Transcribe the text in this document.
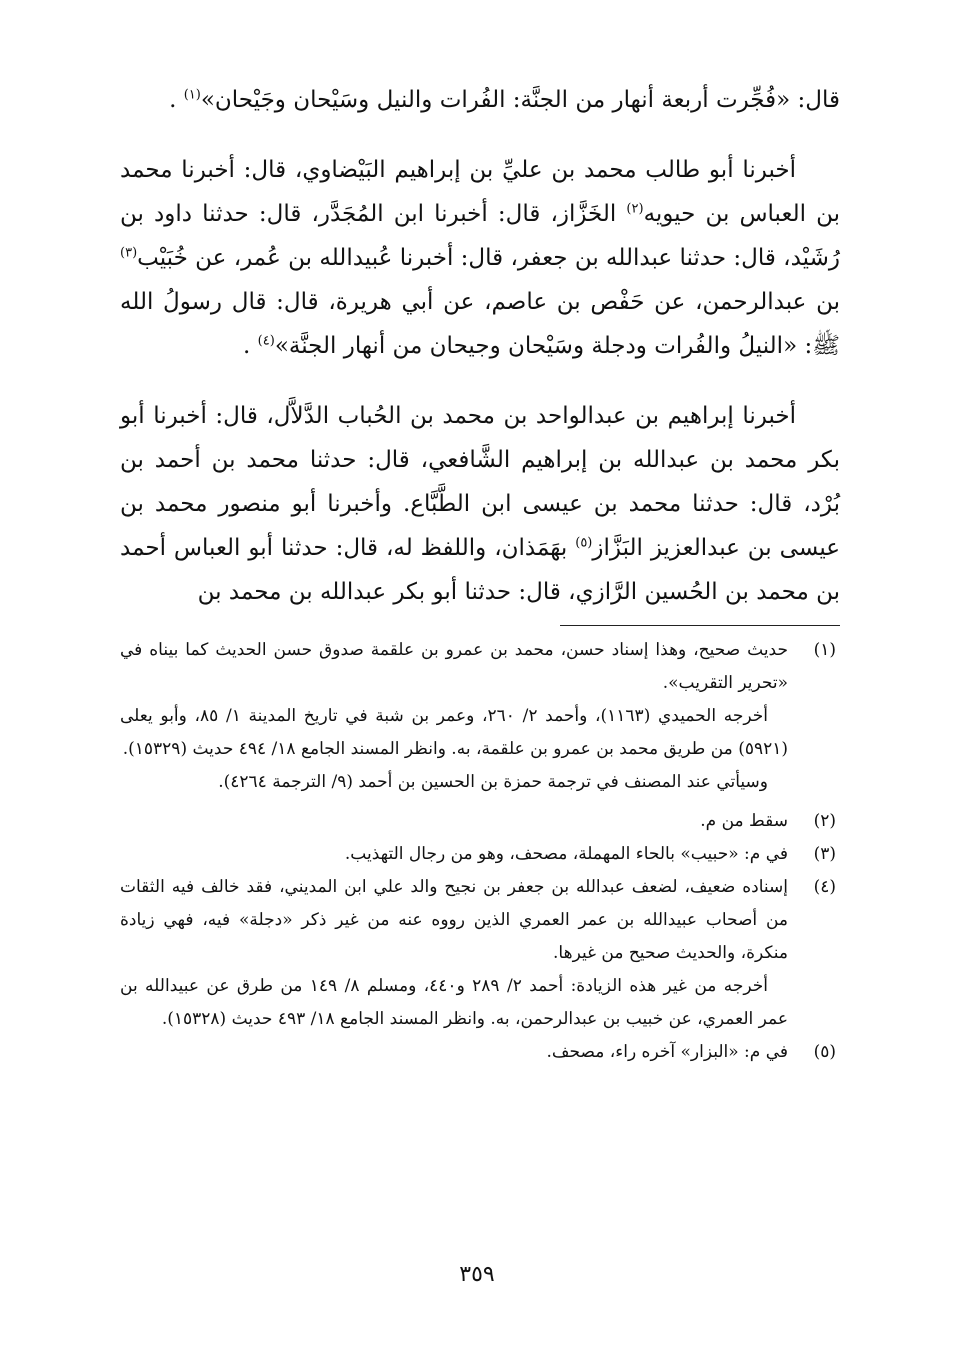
قال: «فُجِّرت أربعة أنهار من الجنَّة: الفُرات والنيل وسَيْحان وجَيْحان»$^{(١)}$ .

أخبرنا أبو طالب محمد بن عليِّ بن إبراهيم البَيْضاوي، قال: أخبرنا محمد بن العباس بن حيويه$^{(٢)}$ الخَزَّاز، قال: أخبرنا ابن المُجَدَّر، قال: حدثنا داود بن رُشَيْد، قال: حدثنا عبدالله بن جعفر، قال: أخبرنا عُبيدالله بن عُمر، عن خُبَيْب$^{(٣)}$ بن عبدالرحمن، عن حَفْص بن عاصم، عن أبي هريرة، قال: قال رسولُ الله ﷺ: «النيلُ والفُرات ودجلة وسَيْحان وجيحان من أنهار الجنَّة»$^{(٤)}$ .

أخبرنا إبراهيم بن عبدالواحد بن محمد بن الحُباب الدَّلاَّل، قال: أخبرنا أبو بكر محمد بن عبدالله بن إبراهيم الشَّافعي، قال: حدثنا محمد بن أحمد بن بُرْد، قال: حدثنا محمد بن عيسى ابن الطَّبَّاع. وأخبرنا أبو منصور محمد بن عيسى بن عبدالعزيز البَزَّاز$^{(٥)}$ بهَمَذان، واللفظ له، قال: حدثنا أبو العباس أحمد بن محمد بن الحُسين الرَّازي، قال: حدثنا أبو بكر عبدالله بن محمد بن

(١)

حديث صحيح، وهذا إسناد حسن، محمد بن عمرو بن علقمة صدوق حسن الحديث كما بيناه في «تحرير التقريب».

أخرجه الحميدي (١١٦٣)، وأحمد ٢/ ٢٦٠، وعمر بن شبة في تاريخ المدينة ١/ ٨٥، وأبو يعلى (٥٩٢١) من طريق محمد بن عمرو بن علقمة، به. وانظر المسند الجامع ١٨/ ٤٩٤ حديث (١٥٣٢٩).

وسيأتي عند المصنف في ترجمة حمزة بن الحسين بن أحمد (٩/ الترجمة ٤٢٦٤).

(٢)

سقط من م.

(٣)

في م: «حبيب» بالحاء المهملة، مصحف، وهو من رجال التهذيب.

(٤)

إسناده ضعيف، لضعف عبدالله بن جعفر بن نجيح والد علي ابن المديني، فقد خالف فيه الثقات من أصحاب عبيدالله بن عمر العمري الذين رووه عنه من غير ذكر «دجلة» فيه، فهي زيادة منكرة، والحديث صحيح من غيرها.

أخرجه من غير هذه الزيادة: أحمد ٢/ ٢٨٩ و٤٤٠، ومسلم ٨/ ١٤٩ من طرق عن عبيدالله بن عمر العمري، عن خبيب بن عبدالرحمن، به. وانظر المسند الجامع ١٨/ ٤٩٣ حديث (١٥٣٢٨).

(٥)

في م: «البزار» آخره راء، مصحف.

٣٥٩
